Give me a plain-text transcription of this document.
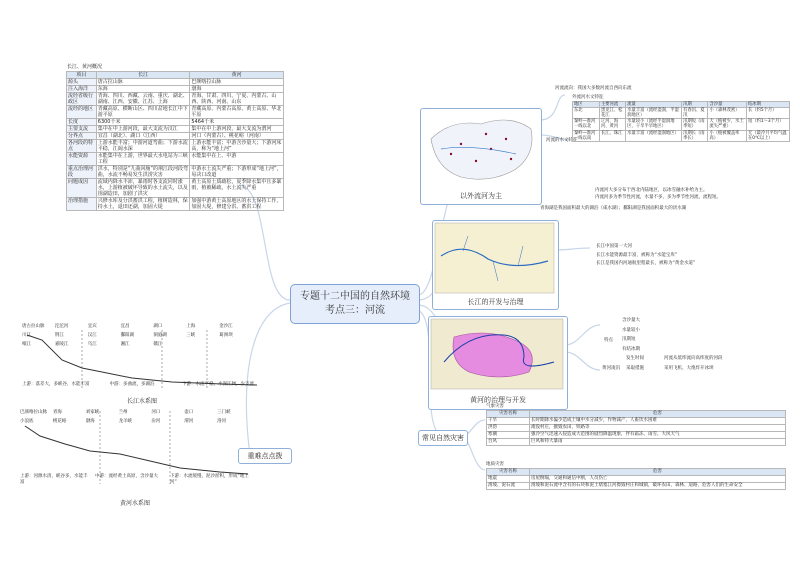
长江、黄河概况
项目	长江	黄河
源头	唐古拉山脉	巴颜喀拉山脉
注入海洋	东海	渤海
流经省级行政区	青海、四川、西藏、云南、重庆、湖北、湖南、江西、安徽、江苏、上海	青海、甘肃、四川、宁夏、内蒙古、山西、陕西、河南、山东
流经的地区	青藏高原、横断山区、四川盆地长江中下游平原	青藏高原、内蒙古高原、黄土高原、华北平原
长度	6300千米	5464千米
主要支流	集中在中上游河段，最大支流为汉江	集中在中上游河段，最大支流为渭河
分界点	宜昌（湖北）、湖口（江西）	河口（内蒙古）、桃花峪（河南）
各河段的特点	上游水能丰富；中游河道弯曲；下游水流平稳，江阔水深	上游水能丰富；中游含沙量大；下游河床高，称为“地上河”
水能资源	水能集中在上游，世界最大水电站为三峡工程	水能集中在上、中游
重点治理河段	洪水，特别是“九曲回肠”的荆江段河段弯曲，水流不畅易发生洪涝灾害	中游水土流失严重；下游形成“地上河”，易决口改道
问题成因	流域内降水丰沛，暴雨时各支流同时涨水，上游植被破坏导致的水土流失，以及围湖造田，加剧了洪灾	黄土高原土质疏松，夏季降水集中且多暴雨，植被稀疏，水土流失严重
治理措施	兴修水库及分洪蓄洪工程，植树造林，保持水土，退田还湖，加固大堤	加强中游黄土高原地区的水土保持工作，加固大堤，修建分洪、蓄洪工程
专题十二中国的自然环境
考点三：河流
唐古拉山脉 沱沱河	宜宾	宜昌	湖口	上海	金沙江
川江	荆江	汉江	鄱阳湖	洞庭湖	三峡	葛洲坝
岷江	嘉陵江	乌江	湘江	赣江
上游：落差大，多峡谷，水能丰富	中游：多曲流，多湖泊	下游：水流平稳，水深江阔，少支流
长江水系图
巴颜喀拉山脉 青海	刘家峡	兰州	河口	壶口	三门峡
小浪底	桃花峪	渤海	龙羊峡	汾河	渭河	洛河
上游：河源水清，峡谷多，水能丰富
中游：流经黄土高原，含沙量大	下游：水流缓慢，泥沙淤积，形成“地上河”
黄河水系图
重难点点拨
以外流河为主
河流流向：我国大多数河流自西向东流
河流的水文特征
外流河水文特征
地区	主要河流	流量	汛期	含沙量	结冰期
东北	黑龙江、松花江	水量丰富（流经湿润、半湿润地区）	有春汛、夏汛	小（森林茂密）	长（约5个月）
秦岭—淮河一线以北	辽河、海河、黄河	水量较小（流经半湿润地区、干旱半旱地区）	汛期短（雨季短）	大（植被少，水土流失严重）	短（约1～3个月）
秦岭—淮河一线以南	长江、珠江	水量丰富（流经湿润地区）	汛期长（雨季长）	小（植被覆盖率高）	无（最冷月平均气温在0℃以上）
内流河大多分布于西北内陆地区，以冰雪融水补给为主。
内流河多为季节性河流，水量不多，多为季节性河流，流程短。
青海湖是我国面积最大的湖泊（咸水湖）；鄱阳湖是我国面积最大的淡水湖
长江的开发与治理
长江中国第一大河
长江水能资源最丰富，被称为“水能宝库”
长江是我国内河通航里程最长，被称为“黄金水道”
黄河的治理与开发
特点
含沙量大
水量较小
汛期短
有结冰期
黄河凌汛
发生时间
采取措施
河流从低纬流向高纬度的河段
采用飞机、大炮炸开冰坝
常见自然灾害
气象灾害
灾害名称	危害
干旱	长时期降水偏少造成土壤中水分减少，作物减产，人畜饮水困难
洪涝	淹没村庄，摧毁农田，铁路等
寒潮	强冷空气迅速入侵造成大范围的剧烈降温现象，伴有霜冻、雨雪、大风天气
台风	巨风和特大暴雨
地质灾害
灾害名称	危害
地震	房屋倒塌，交通和通信中断，人员伤亡
滑坡、泥石流	滑坡和泥石流中含有的石块和泥土堵塞江河擦毁村庄和城镇，破坏农田、森林、道路，危害人们的生命安全
